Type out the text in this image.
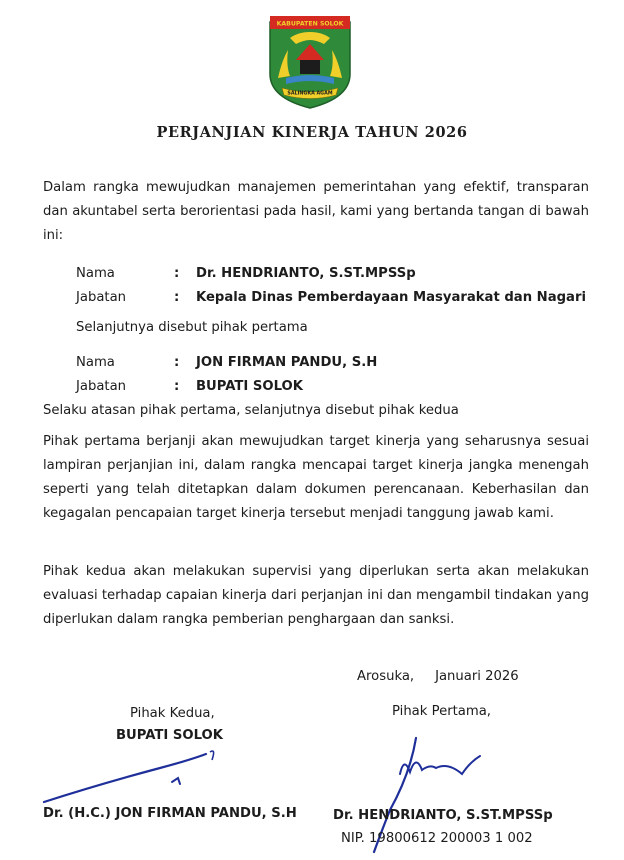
KABUPATEN SOLOK
SALINGKA AGAM
PERJANJIAN KINERJA TAHUN 2026

Dalam rangka mewujudkan manajemen pemerintahan yang efektif, transparan dan akuntabel serta berorientasi pada hasil, kami yang bertanda tangan di bawah ini:

Nama	: Dr. HENDRIANTO, S.ST.MPSSp
Jabatan	: Kepala Dinas Pemberdayaan Masyarakat dan Nagari
Selanjutnya disebut pihak pertama
Nama	: JON FIRMAN PANDU, S.H
Jabatan	: BUPATI SOLOK
Selaku atasan pihak pertama, selanjutnya disebut pihak kedua

Pihak pertama berjanji akan mewujudkan target kinerja yang seharusnya sesuai lampiran perjanjian ini, dalam rangka mencapai target kinerja jangka menengah seperti yang telah ditetapkan dalam dokumen perencanaan. Keberhasilan dan kegagalan pencapaian target kinerja tersebut menjadi tanggung jawab kami.

Pihak kedua akan melakukan supervisi yang diperlukan serta akan melakukan evaluasi terhadap capaian kinerja dari perjanjan ini dan mengambil tindakan yang diperlukan dalam rangka pemberian penghargaan dan sanksi.

Arosuka,     Januari 2026
Pihak Kedua,
BUPATI SOLOK
Dr. (H.C.) JON FIRMAN PANDU, S.H
Pihak Pertama,
Dr. HENDRIANTO, S.ST.MPSSp
NIP. 19800612 200003 1 002
